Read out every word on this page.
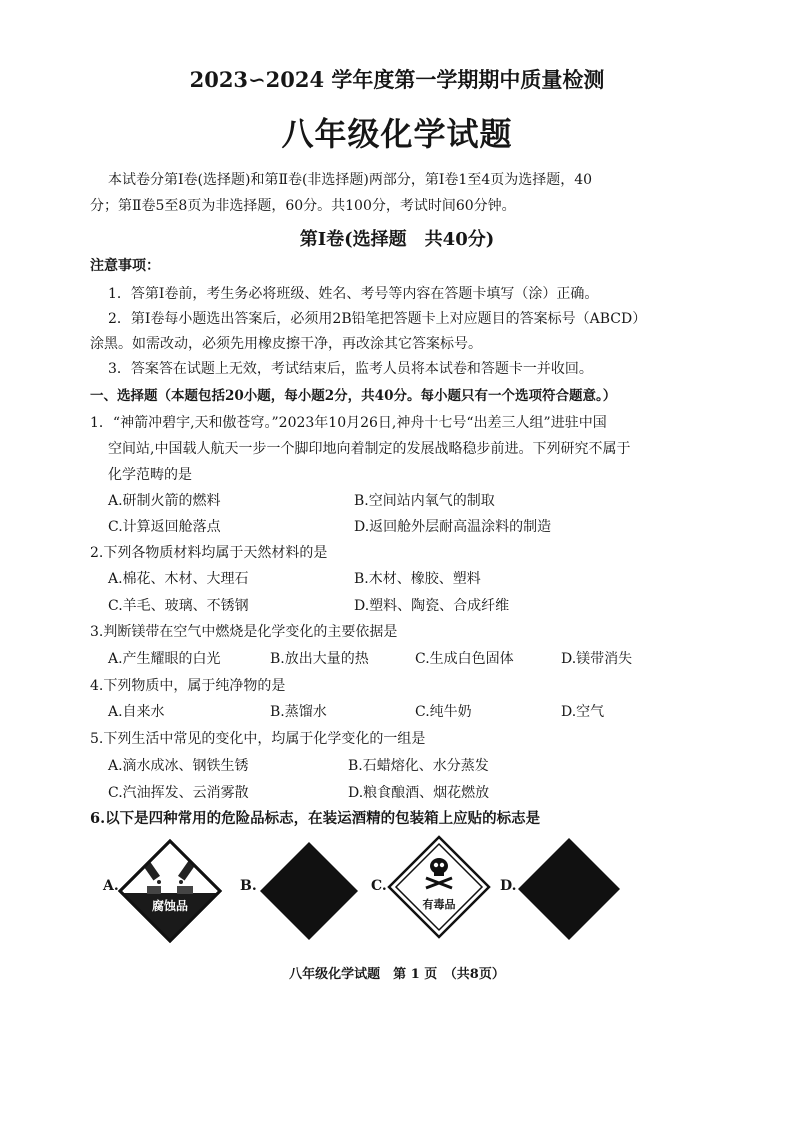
2023∽2024 学年度第一学期期中质量检测
八年级化学试题
本试卷分第Ⅰ卷(选择题)和第Ⅱ卷(非选择题)两部分，第Ⅰ卷1至4页为选择题，40
分；第Ⅱ卷5至8页为非选择题，60分。共100分，考试时间60分钟。
第Ⅰ卷(选择题　共40分)
注意事项：
1．答第Ⅰ卷前，考生务必将班级、姓名、考号等内容在答题卡填写（涂）正确。
2．第Ⅰ卷每小题选出答案后，必须用2B铅笔把答题卡上对应题目的答案标号（ABCD）
涂黑。如需改动，必须先用橡皮擦干净，再改涂其它答案标号。
3．答案答在试题上无效，考试结束后，监考人员将本试卷和答题卡一并收回。
一、选择题（本题包括20小题，每小题2分，共40分。每小题只有一个选项符合题意。）
1．“神箭冲碧宇,天和傲苍穹。”2023年10月26日,神舟十七号“出差三人组”进驻中国
空间站,中国载人航天一步一个脚印地向着制定的发展战略稳步前进。下列研究不属于
化学范畴的是
A.研制火箭的燃料	B.空间站内氧气的制取
C.计算返回舱落点	D.返回舱外层耐高温涂料的制造
2.下列各物质材料均属于天然材料的是
A.棉花、木材、大理石	B.木材、橡胶、塑料
C.羊毛、玻璃、不锈钢	D.塑料、陶瓷、合成纤维
3.判断镁带在空气中燃烧是化学变化的主要依据是
A.产生耀眼的白光	B.放出大量的热	C.生成白色固体	D.镁带消失
4.下列物质中，属于纯净物的是
A.自来水	B.蒸馏水	C.纯牛奶	D.空气
5.下列生活中常见的变化中，均属于化学变化的一组是
A.滴水成冰、钢铁生锈	B.石蜡熔化、水分蒸发
C.汽油挥发、云消雾散	D.粮食酿酒、烟花燃放
6.以下是四种常用的危险品标志，在装运酒精的包装箱上应贴的标志是
A.
腐蚀品
B.	C.
有毒品
D.
八年级化学试题　第 1 页　（共8页）
